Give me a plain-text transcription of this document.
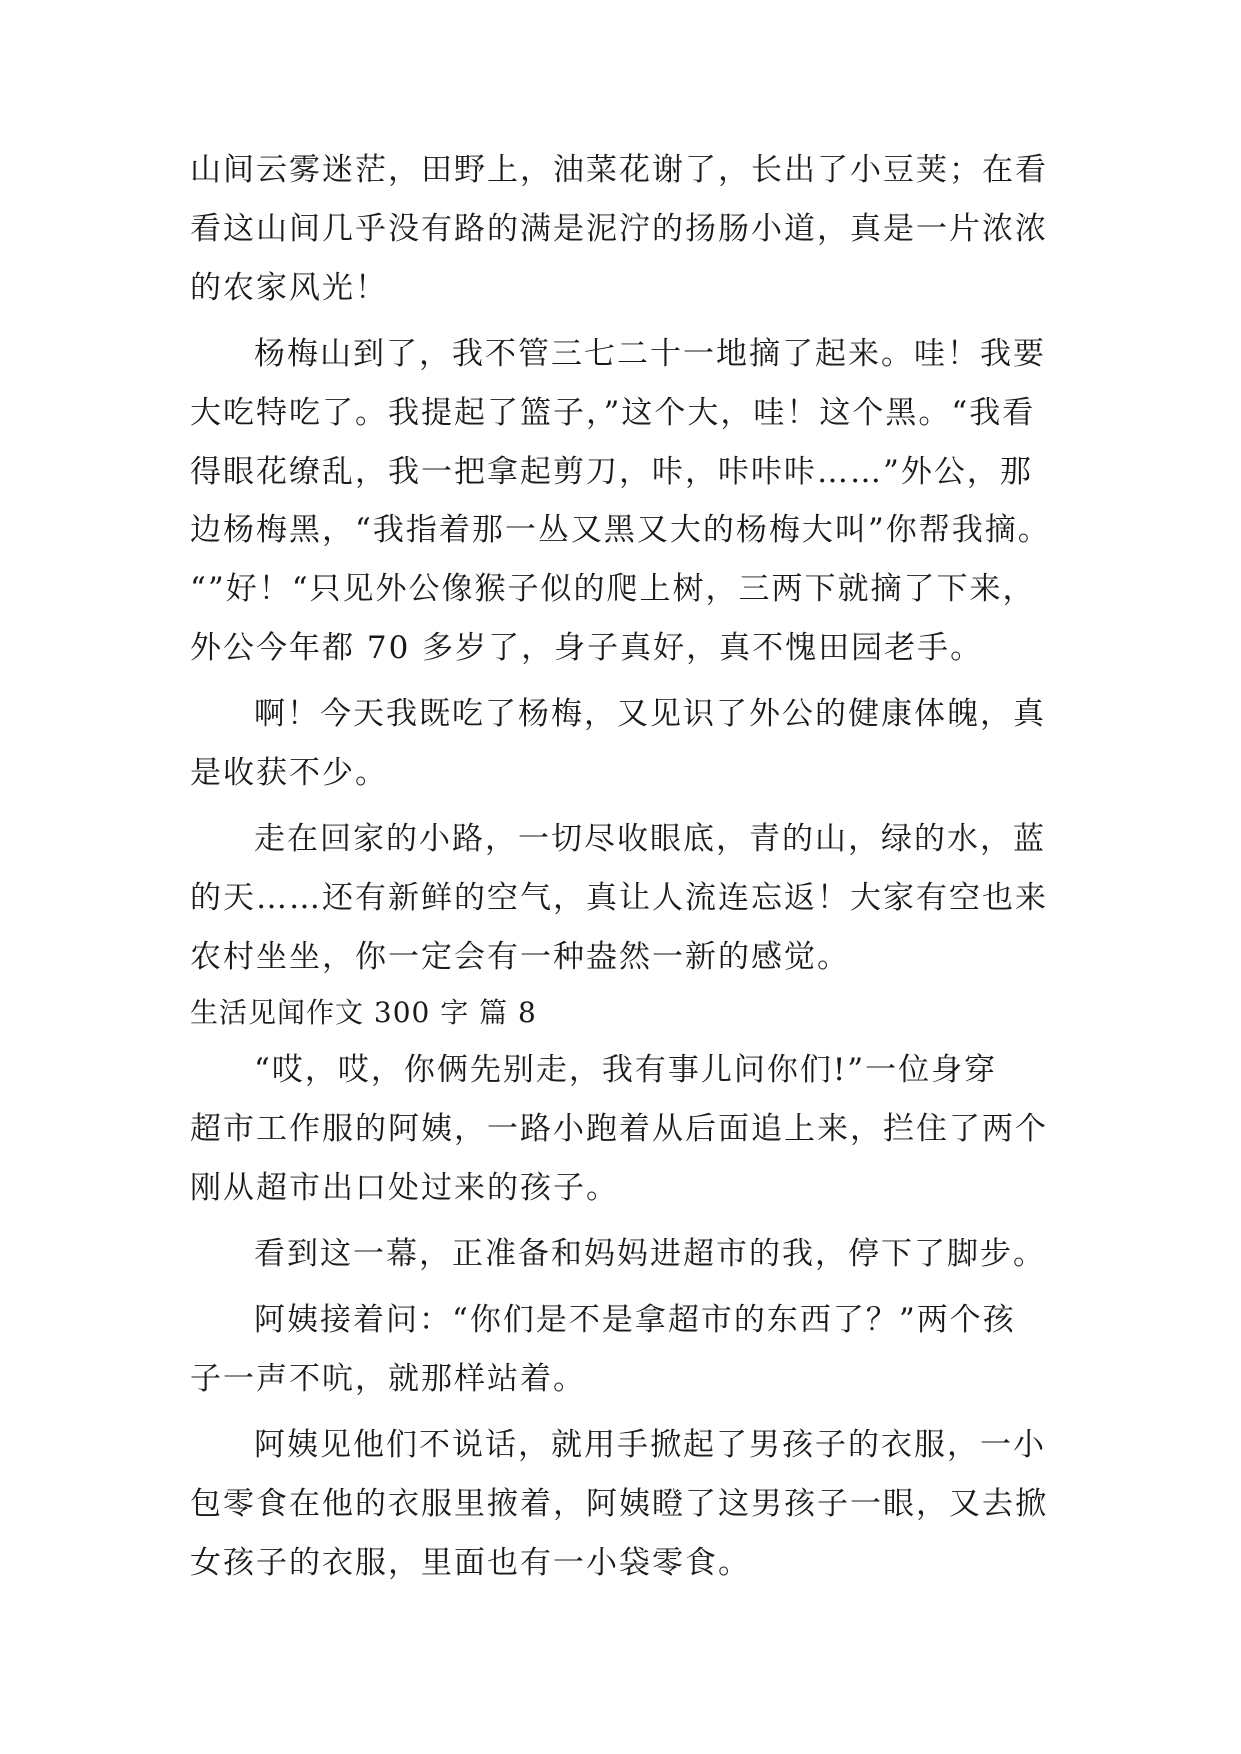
山间云雾迷茫，田野上，油菜花谢了，长出了小豆荚；在看
看这山间几乎没有路的满是泥泞的扬肠小道，真是一片浓浓
的农家风光！
杨梅山到了，我不管三七二十一地摘了起来。哇！我要
大吃特吃了。我提起了篮子，”这个大，哇！这个黑。“我看
得眼花缭乱，我一把拿起剪刀，咔，咔咔咔……”外公，那
边杨梅黑，“我指着那一丛又黑又大的杨梅大叫”你帮我摘。
“”好！“只见外公像猴子似的爬上树，三两下就摘了下来，
外公今年都 70 多岁了，身子真好，真不愧田园老手。
啊！今天我既吃了杨梅，又见识了外公的健康体魄，真
是收获不少。
走在回家的小路，一切尽收眼底，青的山，绿的水，蓝
的天……还有新鲜的空气，真让人流连忘返！大家有空也来
农村坐坐，你一定会有一种盎然一新的感觉。
生活见闻作文 300 字 篇 8
“哎，哎，你俩先别走，我有事儿问你们!”一位身穿
超市工作服的阿姨，一路小跑着从后面追上来，拦住了两个
刚从超市出口处过来的孩子。
看到这一幕，正准备和妈妈进超市的我，停下了脚步。
阿姨接着问：“你们是不是拿超市的东西了？”两个孩
子一声不吭，就那样站着。
阿姨见他们不说话，就用手掀起了男孩子的衣服，一小
包零食在他的衣服里掖着，阿姨瞪了这男孩子一眼，又去掀
女孩子的衣服，里面也有一小袋零食。
